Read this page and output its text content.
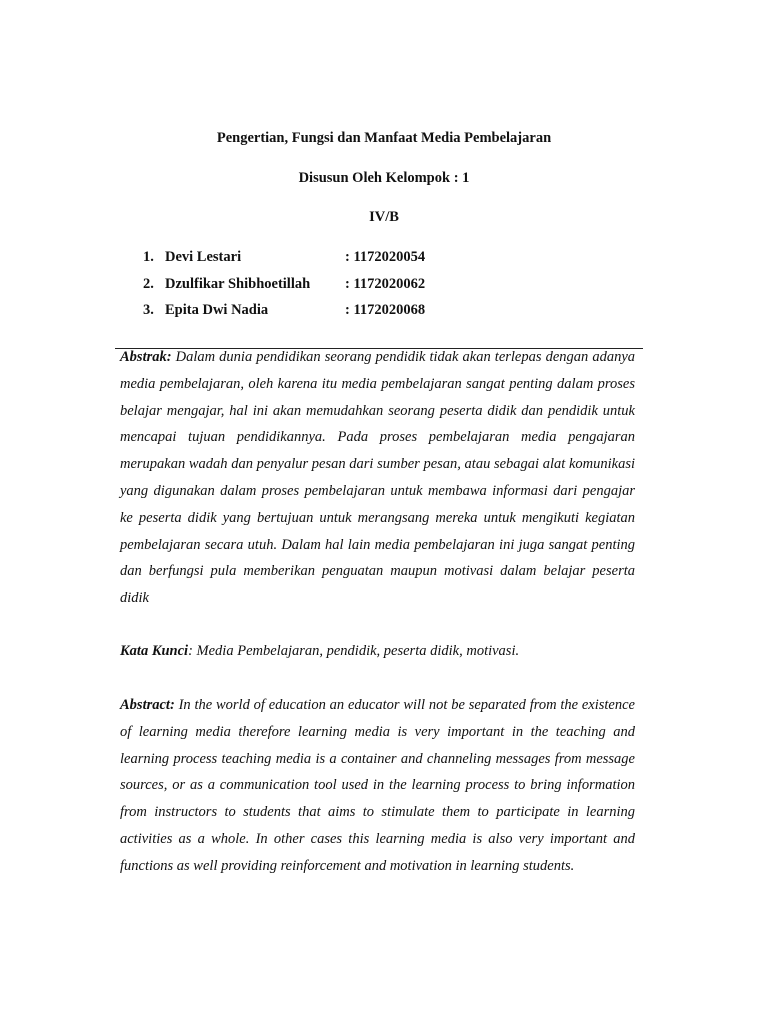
Pengertian, Fungsi dan Manfaat Media Pembelajaran
Disusun Oleh Kelompok : 1
IV/B
1. Devi Lestari	: 1172020054
2. Dzulfikar Shibhoetillah : 1172020062
3. Epita Dwi Nadia	: 1172020068

Abstrak: Dalam dunia pendidikan seorang pendidik tidak akan terlepas dengan adanya media pembelajaran, oleh karena itu media pembelajaran sangat penting dalam proses belajar mengajar, hal ini akan memudahkan seorang peserta didik dan pendidik untuk mencapai tujuan pendidikannya. Pada proses pembelajaran media pengajaran merupakan wadah dan penyalur pesan dari sumber pesan, atau sebagai alat komunikasi yang digunakan dalam proses pembelajaran untuk membawa informasi dari pengajar ke peserta didik yang bertujuan untuk merangsang mereka untuk mengikuti kegiatan pembelajaran secara utuh. Dalam hal lain media pembelajaran ini juga sangat penting dan berfungsi pula memberikan penguatan maupun motivasi dalam belajar peserta didik

Kata Kunci: Media Pembelajaran, pendidik, peserta didik, motivasi.

Abstract: In the world of education an educator will not be separated from the existence of learning media therefore learning media is very important in the teaching and learning process teaching media is a container and channeling messages from message sources, or as a communication tool used in the learning process to bring information from instructors to students that aims to stimulate them to participate in learning activities as a whole. In other cases this learning media is also very important and functions as well providing reinforcement and motivation in learning students.
